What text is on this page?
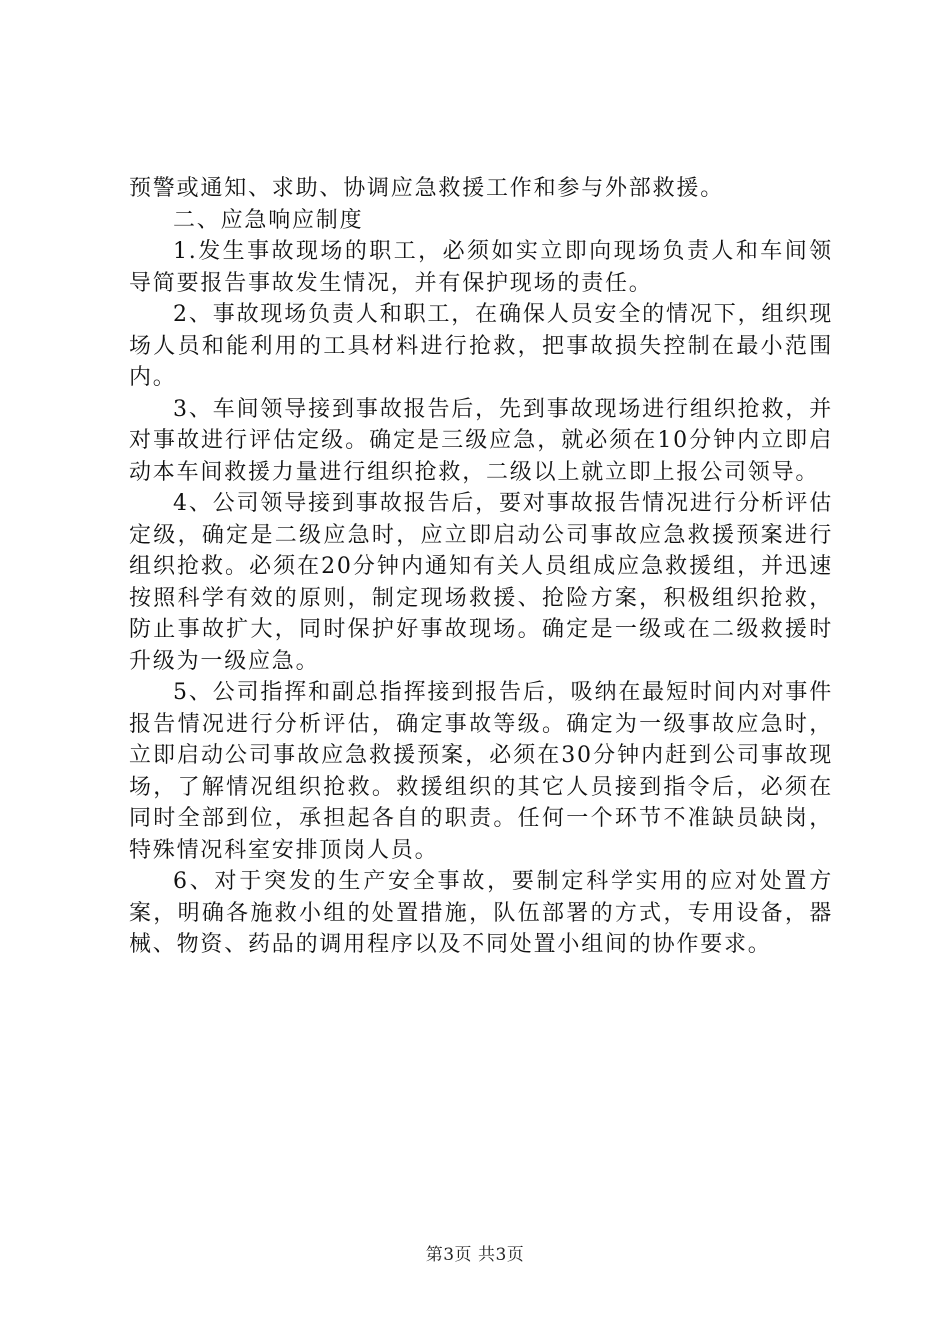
预警或通知、求助、协调应急救援工作和参与外部救援。

二、应急响应制度

1.发生事故现场的职工，必须如实立即向现场负责人和车间领导简要报告事故发生情况，并有保护现场的责任。

2、事故现场负责人和职工，在确保人员安全的情况下，组织现场人员和能利用的工具材料进行抢救，把事故损失控制在最小范围内。

3、车间领导接到事故报告后，先到事故现场进行组织抢救，并对事故进行评估定级。确定是三级应急，就必须在10分钟内立即启动本车间救援力量进行组织抢救，二级以上就立即上报公司领导。

4、公司领导接到事故报告后，要对事故报告情况进行分析评估定级，确定是二级应急时，应立即启动公司事故应急救援预案进行组织抢救。必须在20分钟内通知有关人员组成应急救援组，并迅速按照科学有效的原则，制定现场救援、抢险方案，积极组织抢救，防止事故扩大，同时保护好事故现场。确定是一级或在二级救援时升级为一级应急。

5、公司指挥和副总指挥接到报告后，吸纳在最短时间内对事件报告情况进行分析评估，确定事故等级。确定为一级事故应急时，立即启动公司事故应急救援预案，必须在30分钟内赶到公司事故现场，了解情况组织抢救。救援组织的其它人员接到指令后，必须在同时全部到位，承担起各自的职责。任何一个环节不准缺员缺岗，特殊情况科室安排顶岗人员。

6、对于突发的生产安全事故，要制定科学实用的应对处置方案，明确各施救小组的处置措施，队伍部署的方式，专用设备，器械、物资、药品的调用程序以及不同处置小组间的协作要求。

第3页 共3页
